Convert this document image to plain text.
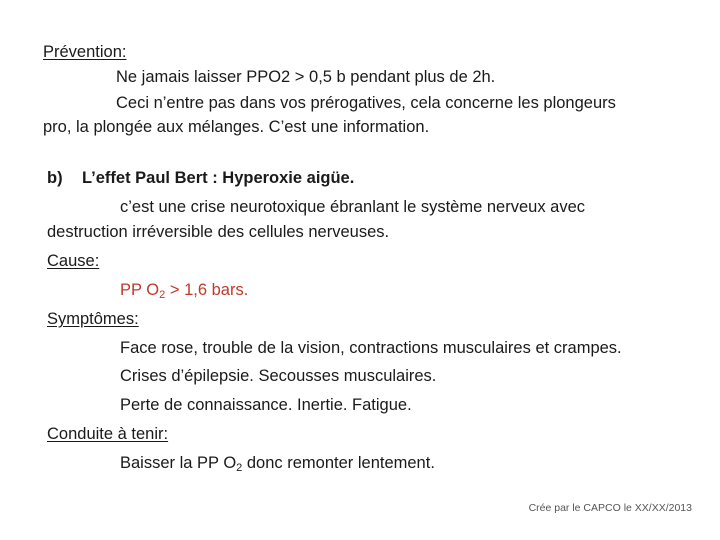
Prévention:
Ne jamais laisser PPO2 > 0,5 b pendant plus de 2h.
Ceci n’entre pas dans vos prérogatives, cela concerne les plongeurs
pro, la plongée aux mélanges. C’est une information.
b) L’effet Paul Bert : Hyperoxie aigüe.
c’est une crise neurotoxique ébranlant le système nerveux avec
destruction irréversible des cellules nerveuses.
Cause:
PP $O_2 > 1,6$ bars.
Symptômes:
Face rose, trouble de la vision, contractions musculaires et crampes.
Crises d’épilepsie. Secousses musculaires.
Perte de connaissance. Inertie. Fatigue.
Conduite à tenir:
Baisser la PP $O_2$ donc remonter lentement.
Crée par le CAPCO le XX/XX/2013
